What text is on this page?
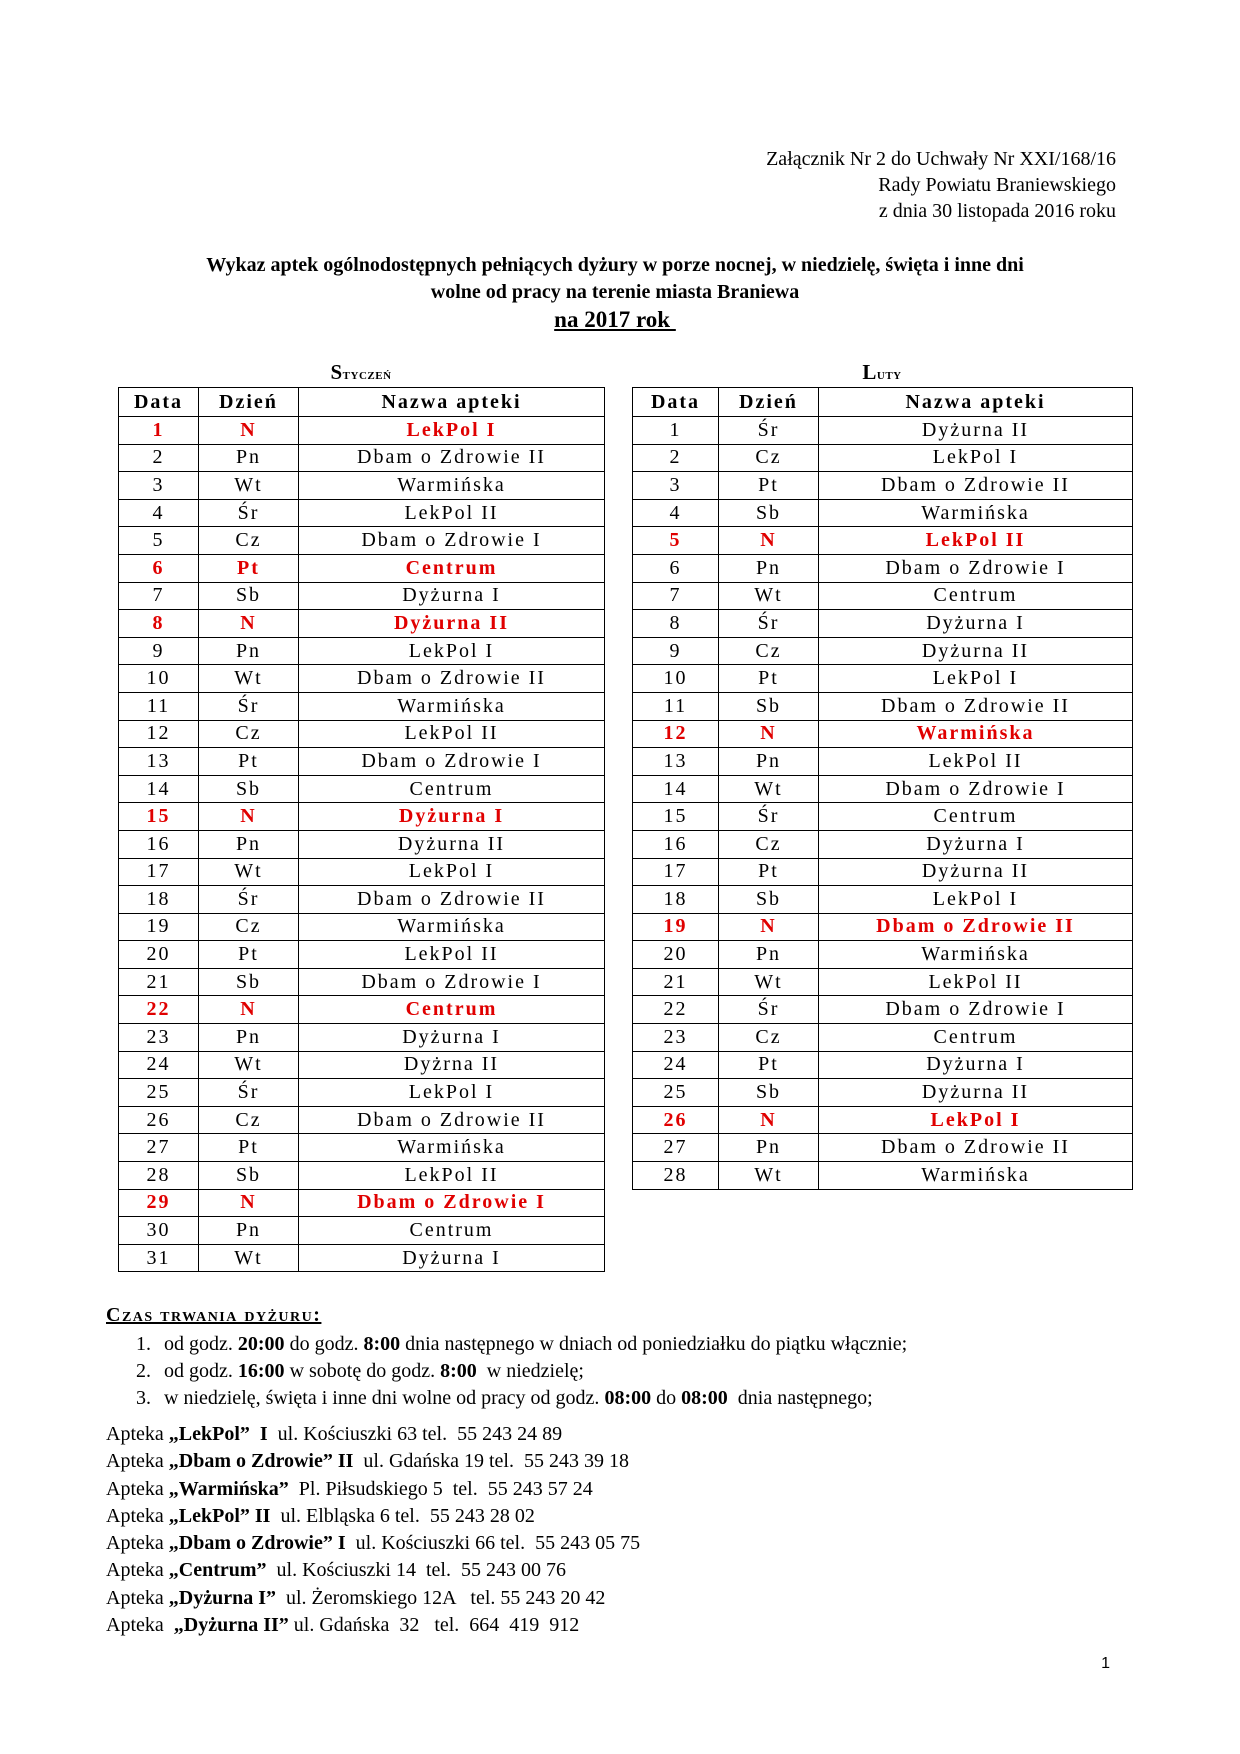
Załącznik Nr 2 do Uchwały Nr XXI/168/16
Rady Powiatu Braniewskiego
z dnia 30 listopada 2016 roku
Wykaz aptek ogólnodostępnych pełniących dyżury w porze nocnej, w niedzielę, święta i inne dni
wolne od pracy na terenie miasta Braniewa
na 2017 rok
Styczeń	Luty
Data	Dzień	Nazwa apteki
1	N	LekPol I
2	Pn	Dbam o Zdrowie II
3	Wt	Warmińska
4	Śr	LekPol II
5	Cz	Dbam o Zdrowie I
6	Pt	Centrum
7	Sb	Dyżurna I
8	N	Dyżurna II
9	Pn	LekPol I
10	Wt	Dbam o Zdrowie II
11	Śr	Warmińska
12	Cz	LekPol II
13	Pt	Dbam o Zdrowie I
14	Sb	Centrum
15	N	Dyżurna I
16	Pn	Dyżurna II
17	Wt	LekPol I
18	Śr	Dbam o Zdrowie II
19	Cz	Warmińska
20	Pt	LekPol II
21	Sb	Dbam o Zdrowie I
22	N	Centrum
23	Pn	Dyżurna I
24	Wt	Dyżrna II
25	Śr	LekPol I
26	Cz	Dbam o Zdrowie II
27	Pt	Warmińska
28	Sb	LekPol II
29	N	Dbam o Zdrowie I
30	Pn	Centrum
31	Wt	Dyżurna I
Data	Dzień	Nazwa apteki
1	Śr	Dyżurna II
2	Cz	LekPol I
3	Pt	Dbam o Zdrowie II
4	Sb	Warmińska
5	N	LekPol II
6	Pn	Dbam o Zdrowie I
7	Wt	Centrum
8	Śr	Dyżurna I
9	Cz	Dyżurna II
10	Pt	LekPol I
11	Sb	Dbam o Zdrowie II
12	N	Warmińska
13	Pn	LekPol II
14	Wt	Dbam o Zdrowie I
15	Śr	Centrum
16	Cz	Dyżurna I
17	Pt	Dyżurna II
18	Sb	LekPol I
19	N	Dbam o Zdrowie II
20	Pn	Warmińska
21	Wt	LekPol II
22	Śr	Dbam o Zdrowie I
23	Cz	Centrum
24	Pt	Dyżurna I
25	Sb	Dyżurna II
26	N	LekPol I
27	Pn	Dbam o Zdrowie II
28	Wt	Warmińska
Czas trwania dyżuru:
1. od godz. 20:00 do godz. 8:00 dnia następnego w dniach od poniedziałku do piątku włącznie;
2. od godz. 16:00 w sobotę do godz. 8:00  w niedzielę;
3. w niedzielę, święta i inne dni wolne od pracy od godz. 08:00 do 08:00  dnia następnego;
Apteka „LekPol”  I  ul. Kościuszki 63 tel.  55 243 24 89
Apteka „Dbam o Zdrowie” II  ul. Gdańska 19 tel.  55 243 39 18
Apteka „Warmińska”  Pl. Piłsudskiego 5  tel.  55 243 57 24
Apteka „LekPol” II  ul. Elbląska 6 tel.  55 243 28 02
Apteka „Dbam o Zdrowie” I  ul. Kościuszki 66 tel.  55 243 05 75
Apteka „Centrum”  ul. Kościuszki 14  tel.  55 243 00 76
Apteka „Dyżurna I”  ul. Żeromskiego 12A   tel. 55 243 20 42
Apteka  „Dyżurna II” ul. Gdańska  32   tel.  664  419  912
1
